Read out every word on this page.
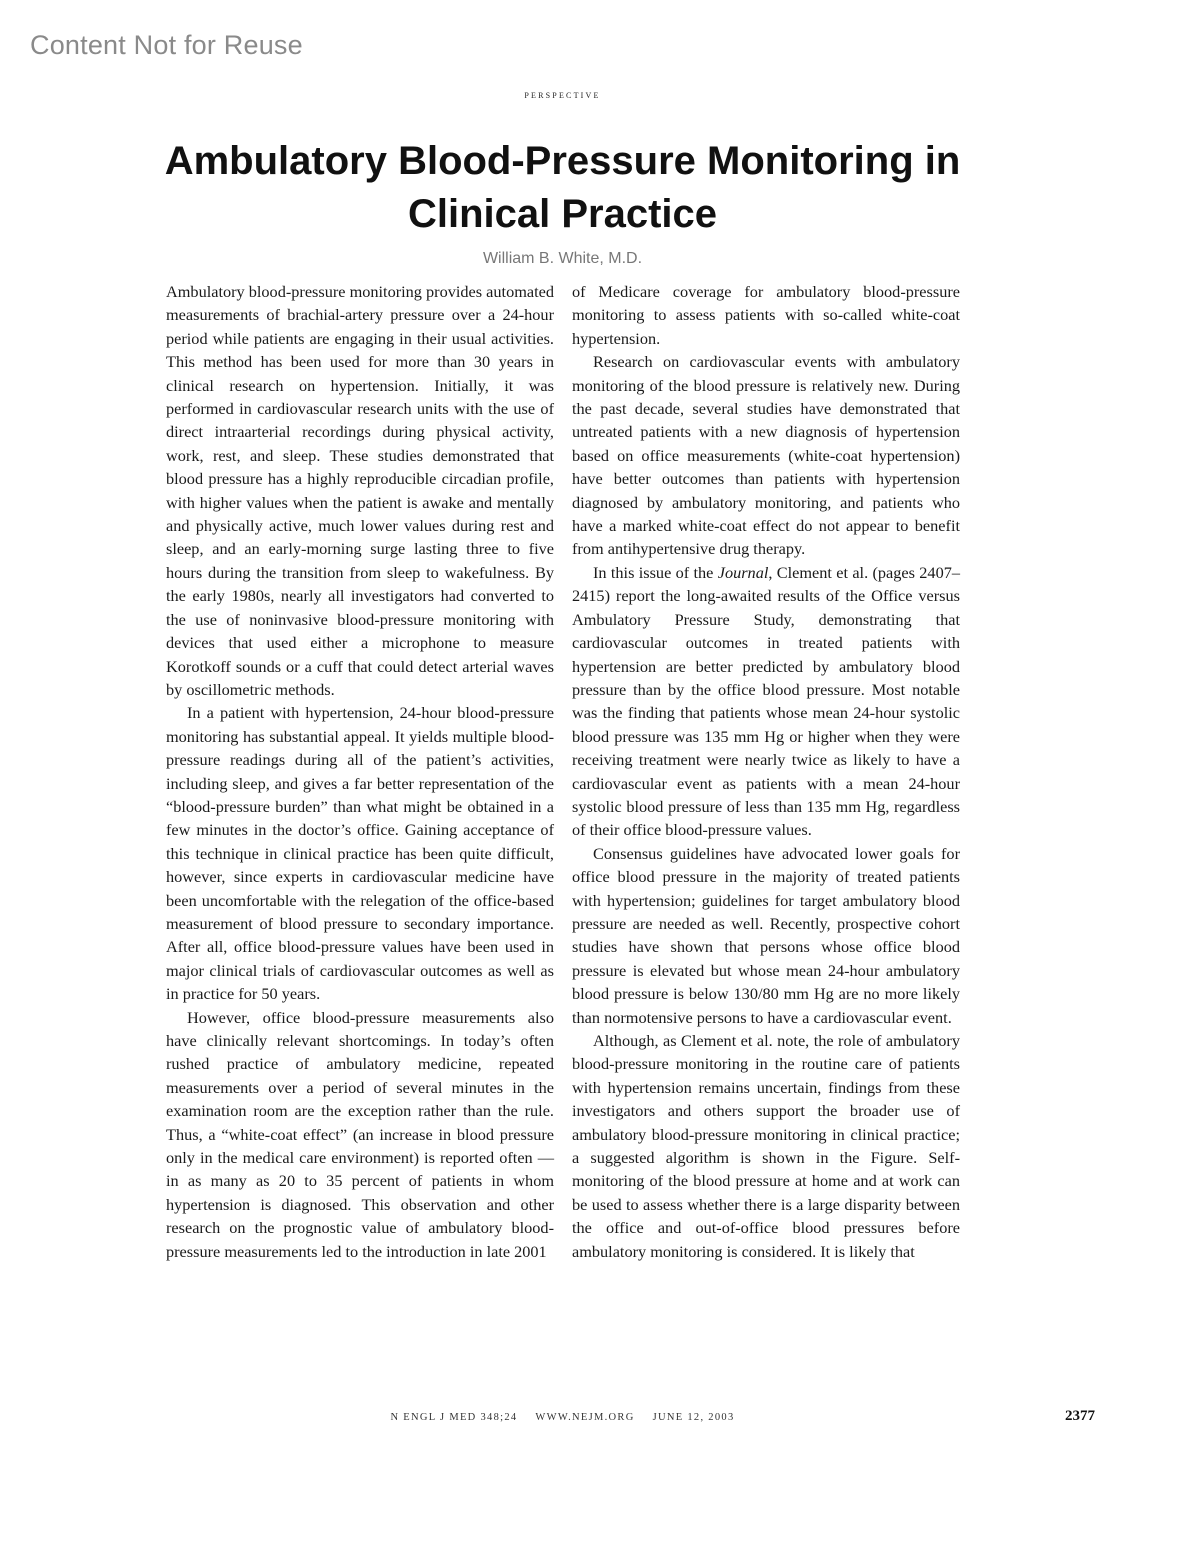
Content Not for Reuse
perspective
Ambulatory Blood-Pressure Monitoring in Clinical Practice
William B. White, M.D.

Ambulatory blood-pressure monitoring provides automated measurements of brachial-artery pressure over a 24-hour period while patients are engaging in their usual activities. This method has been used for more than 30 years in clinical research on hypertension. Initially, it was performed in cardiovascular research units with the use of direct intraarterial recordings during physical activity, work, rest, and sleep. These studies demonstrated that blood pressure has a highly reproducible circadian profile, with higher values when the patient is awake and mentally and physically active, much lower values during rest and sleep, and an early-morning surge lasting three to five hours during the transition from sleep to wakefulness. By the early 1980s, nearly all investigators had converted to the use of noninvasive blood-pressure monitoring with devices that used either a microphone to measure Korotkoff sounds or a cuff that could detect arterial waves by oscillometric methods.

In a patient with hypertension, 24-hour blood-pressure monitoring has substantial appeal. It yields multiple blood-pressure readings during all of the patient’s activities, including sleep, and gives a far better representation of the “blood-pressure burden” than what might be obtained in a few minutes in the doctor’s office. Gaining acceptance of this technique in clinical practice has been quite difficult, however, since experts in cardiovascular medicine have been uncomfortable with the relegation of the office-based measurement of blood pressure to secondary importance. After all, office blood-pressure values have been used in major clinical trials of cardiovascular outcomes as well as in practice for 50 years.

However, office blood-pressure measurements also have clinically relevant shortcomings. In today’s often rushed practice of ambulatory medicine, repeated measurements over a period of several minutes in the examination room are the exception rather than the rule. Thus, a “white-coat effect” (an increase in blood pressure only in the medical care environment) is reported often — in as many as 20 to 35 percent of patients in whom hypertension is diagnosed. This observation and other research on the prognostic value of ambulatory blood-pressure measurements led to the introduction in late 2001

of Medicare coverage for ambulatory blood-pressure monitoring to assess patients with so-called white-coat hypertension.

Research on cardiovascular events with ambulatory monitoring of the blood pressure is relatively new. During the past decade, several studies have demonstrated that untreated patients with a new diagnosis of hypertension based on office measurements (white-coat hypertension) have better outcomes than patients with hypertension diagnosed by ambulatory monitoring, and patients who have a marked white-coat effect do not appear to benefit from antihypertensive drug therapy.

In this issue of the Journal, Clement et al. (pages 2407–2415) report the long-awaited results of the Office versus Ambulatory Pressure Study, demonstrating that cardiovascular outcomes in treated patients with hypertension are better predicted by ambulatory blood pressure than by the office blood pressure. Most notable was the finding that patients whose mean 24-hour systolic blood pressure was 135 mm Hg or higher when they were receiving treatment were nearly twice as likely to have a cardiovascular event as patients with a mean 24-hour systolic blood pressure of less than 135 mm Hg, regardless of their office blood-pressure values.

Consensus guidelines have advocated lower goals for office blood pressure in the majority of treated patients with hypertension; guidelines for target ambulatory blood pressure are needed as well. Recently, prospective cohort studies have shown that persons whose office blood pressure is elevated but whose mean 24-hour ambulatory blood pressure is below 130/80 mm Hg are no more likely than normotensive persons to have a cardiovascular event.

Although, as Clement et al. note, the role of ambulatory blood-pressure monitoring in the routine care of patients with hypertension remains uncertain, findings from these investigators and others support the broader use of ambulatory blood-pressure monitoring in clinical practice; a suggested algorithm is shown in the Figure. Self-monitoring of the blood pressure at home and at work can be used to assess whether there is a large disparity between the office and out-of-office blood pressures before ambulatory monitoring is considered. It is likely that

N ENGL J MED 348;24 WWW.NEJM.ORG JUNE 12, 2003	2377
